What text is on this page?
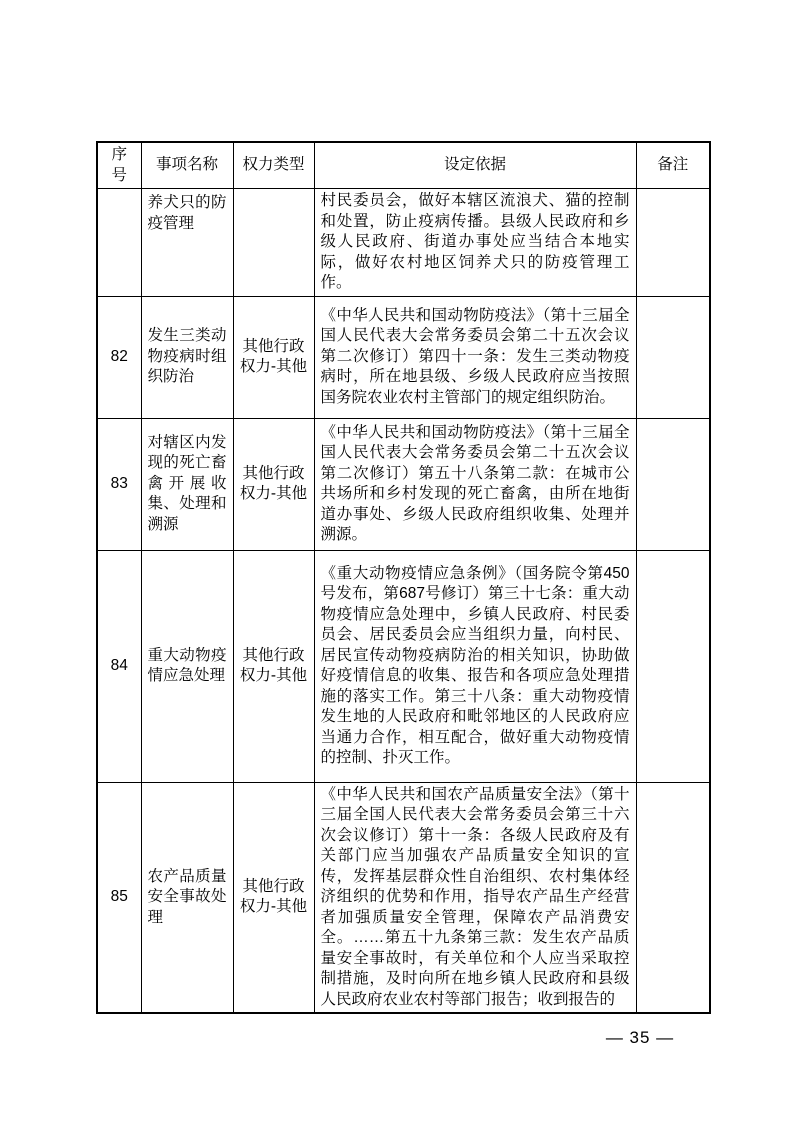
序号	事项名称	权力类型	设定依据	备注
	养犬只的防疫管理		村民委员会，做好本辖区流浪犬、猫的控制和处置，防止疫病传播。县级人民政府和乡级人民政府、街道办事处应当结合本地实际，做好农村地区饲养犬只的防疫管理工作。	
82	发生三类动物疫病时组织防治	其他行政权力-其他	《中华人民共和国动物防疫法》（第十三届全国人民代表大会常务委员会第二十五次会议第二次修订）第四十一条：发生三类动物疫病时，所在地县级、乡级人民政府应当按照国务院农业农村主管部门的规定组织防治。	
83	对辖区内发现的死亡畜禽开展收集、处理和溯源	其他行政权力-其他	《中华人民共和国动物防疫法》（第十三届全国人民代表大会常务委员会第二十五次会议第二次修订）第五十八条第二款：在城市公共场所和乡村发现的死亡畜禽，由所在地街道办事处、乡级人民政府组织收集、处理并溯源。	
84	重大动物疫情应急处理	其他行政权力-其他	《重大动物疫情应急条例》（国务院令第450号发布，第687号修订）第三十七条：重大动物疫情应急处理中，乡镇人民政府、村民委员会、居民委员会应当组织力量，向村民、居民宣传动物疫病防治的相关知识，协助做好疫情信息的收集、报告和各项应急处理措施的落实工作。第三十八条：重大动物疫情发生地的人民政府和毗邻地区的人民政府应当通力合作，相互配合，做好重大动物疫情的控制、扑灭工作。	
85	农产品质量安全事故处理	其他行政权力-其他	《中华人民共和国农产品质量安全法》（第十三届全国人民代表大会常务委员会第三十六次会议修订）第十一条：各级人民政府及有关部门应当加强农产品质量安全知识的宣传，发挥基层群众性自治组织、农村集体经济组织的优势和作用，指导农产品生产经营者加强质量安全管理，保障农产品消费安全。……第五十九条第三款：发生农产品质量安全事故时，有关单位和个人应当采取控制措施，及时向所在地乡镇人民政府和县级人民政府农业农村等部门报告；收到报告的	
— 35 —
